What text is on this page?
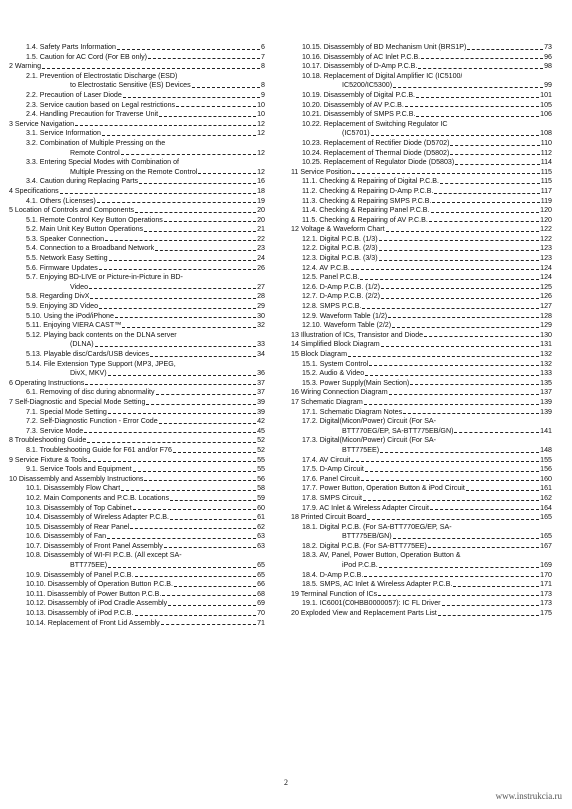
1.4. Safety Parts Information	6
1.5. Caution for AC Cord (For EB only)	7
2 Warning	8
2.1. Prevention of Electrostatic Discharge (ESD)
to Electrostatic Sensitive (ES) Devices	8
2.2. Precaution of Laser Diode	9
2.3. Service caution based on Legal restrictions	10
2.4. Handling Precaution for Traverse Unit	10
3 Service Navigation	12
3.1. Service Information	12
3.2. Combination of Multiple Pressing on the
Remote Control	12
3.3. Entering Special Modes with Combination of
Multiple Pressing on the Remote Control	12
3.4. Caution during Replacing Parts	16
4 Specifications	18
4.1. Others (Licenses)	19
5 Location of Controls and Components	20
5.1. Remote Control Key Button Operations	20
5.2. Main Unit Key Button Operations	21
5.3. Speaker Connection	22
5.4. Connection to a Broadband Network	23
5.5. Network Easy Setting	24
5.6. Firmware Updates	26
5.7. Enjoying BD-LIVE or Picture-in-Picture in BD-
Video	27
5.8. Regarding DivX	28
5.9. Enjoying 3D Video	29
5.10. Using the iPod/iPhone	30
5.11. Enjoying VIERA CAST™	32
5.12. Playing back contents on the DLNA server
(DLNA)	33
5.13. Playable disc/Cards/USB devices	34
5.14. File Extension Type Support (MP3, JPEG,
DivX, MKV)	36
6 Operating Instructions	37
6.1. Removing of disc during abnormality	37
7 Self-Diagnostic and Special Mode Setting	39
7.1. Special Mode Setting	39
7.2. Self-Diagnostic Function - Error Code	42
7.3. Service Mode	45
8 Troubleshooting Guide	52
8.1. Troubleshooting Guide for F61 and/or F76	52
9 Service Fixture & Tools	55
9.1. Service Tools and Equipment	55
10 Disassembly and Assembly Instructions	56
10.1. Disassembly Flow Chart	58
10.2. Main Components and P.C.B. Locations	59
10.3. Disassembly of Top Cabinet	60
10.4. Disassembly of Wireless Adapter P.C.B.	61
10.5. Disassembly of Rear Panel	62
10.6. Disassembly of Fan	63
10.7. Disassembly of Front Panel Assembly	63
10.8. Disassembly of WI-FI P.C.B. (All except SA-
BTT775EE)	65
10.9. Disassembly of Panel P.C.B.	65
10.10. Disassembly of Operation Button P.C.B.	66
10.11. Disassembly of Power Button P.C.B.	68
10.12. Disassembly of iPod Cradle Assembly	69
10.13. Disassembly of iPod P.C.B.	70
10.14. Replacement of Front Lid Assembly	71
10.15. Disassembly of BD Mechanism Unit (BRS1P)	73
10.16. Disassembly of AC Inlet P.C.B.	96
10.17. Disassembly of D-Amp P.C.B.	98
10.18. Replacement of Digital Amplifier IC (IC5100/
IC5200/IC5300)	99
10.19. Disassembly of Digital P.C.B.	101
10.20. Disassembly of AV P.C.B.	105
10.21. Disassembly of SMPS P.C.B.	106
10.22. Replacement of Switching Regulator IC
(IC5701)	108
10.23. Replacement of Rectifier Diode (D5702)	110
10.24. Replacement of Thermal Diode (D5802)	112
10.25. Replacement of Regulator Diode (D5803)	114
11 Service Position	115
11.1. Checking & Repairing of Digital P.C.B.	115
11.2. Checking & Repairing D-Amp P.C.B.	117
11.3. Checking & Repairing SMPS P.C.B.	119
11.4. Checking & Repairing Panel P.C.B.	120
11.5. Checking & Repairing of AV P.C.B.	120
12 Voltage & Waveform Chart	122
12.1. Digital P.C.B. (1/3)	122
12.2. Digital P.C.B. (2/3)	123
12.3. Digital P.C.B. (3/3)	123
12.4. AV P.C.B.	124
12.5. Panel P.C.B.	124
12.6. D-Amp P.C.B. (1/2)	125
12.7. D-Amp P.C.B. (2/2)	126
12.8. SMPS P.C.B.	127
12.9. Waveform Table (1/2)	128
12.10. Waveform Table (2/2)	129
13 Illustration of ICs, Transistor and Diode	130
14 Simplified Block Diagram	131
15 Block Diagram	132
15.1. System Control	132
15.2. Audio & Video	133
15.3. Power Supply(Main Section)	135
16 Wiring Connection Diagram	137
17 Schematic Diagram	139
17.1. Schematic Diagram Notes	139
17.2. Digital(Micon/Power) Circuit (For SA-
BTT770EG/EP, SA-BTT775EB/GN)	141
17.3. Digital(Micon/Power) Circuit (For SA-
BTT775EE)	148
17.4. AV Circuit	155
17.5. D-Amp Circuit	156
17.6. Panel Circuit	160
17.7. Power Button, Operation Button & iPod Circuit	161
17.8. SMPS Circuit	162
17.9. AC Inlet & Wireless Adapter Circuit	164
18 Printed Circuit Board	165
18.1. Digital P.C.B. (For SA-BTT770EG/EP, SA-
BTT775EB/GN)	165
18.2. Digital P.C.B. (For SA-BTT775EE)	167
18.3. AV, Panel, Power Button, Operation Button &
iPod P.C.B.	169
18.4. D-Amp P.C.B.	170
18.5. SMPS, AC Inlet & Wireless Adapter P.C.B.	171
19 Terminal Function of ICs	173
19.1. IC6001(C0HBB0000057): IC FL Driver	173
20 Exploded View and Replacement Parts List	175
2
www.instrukcia.ru
